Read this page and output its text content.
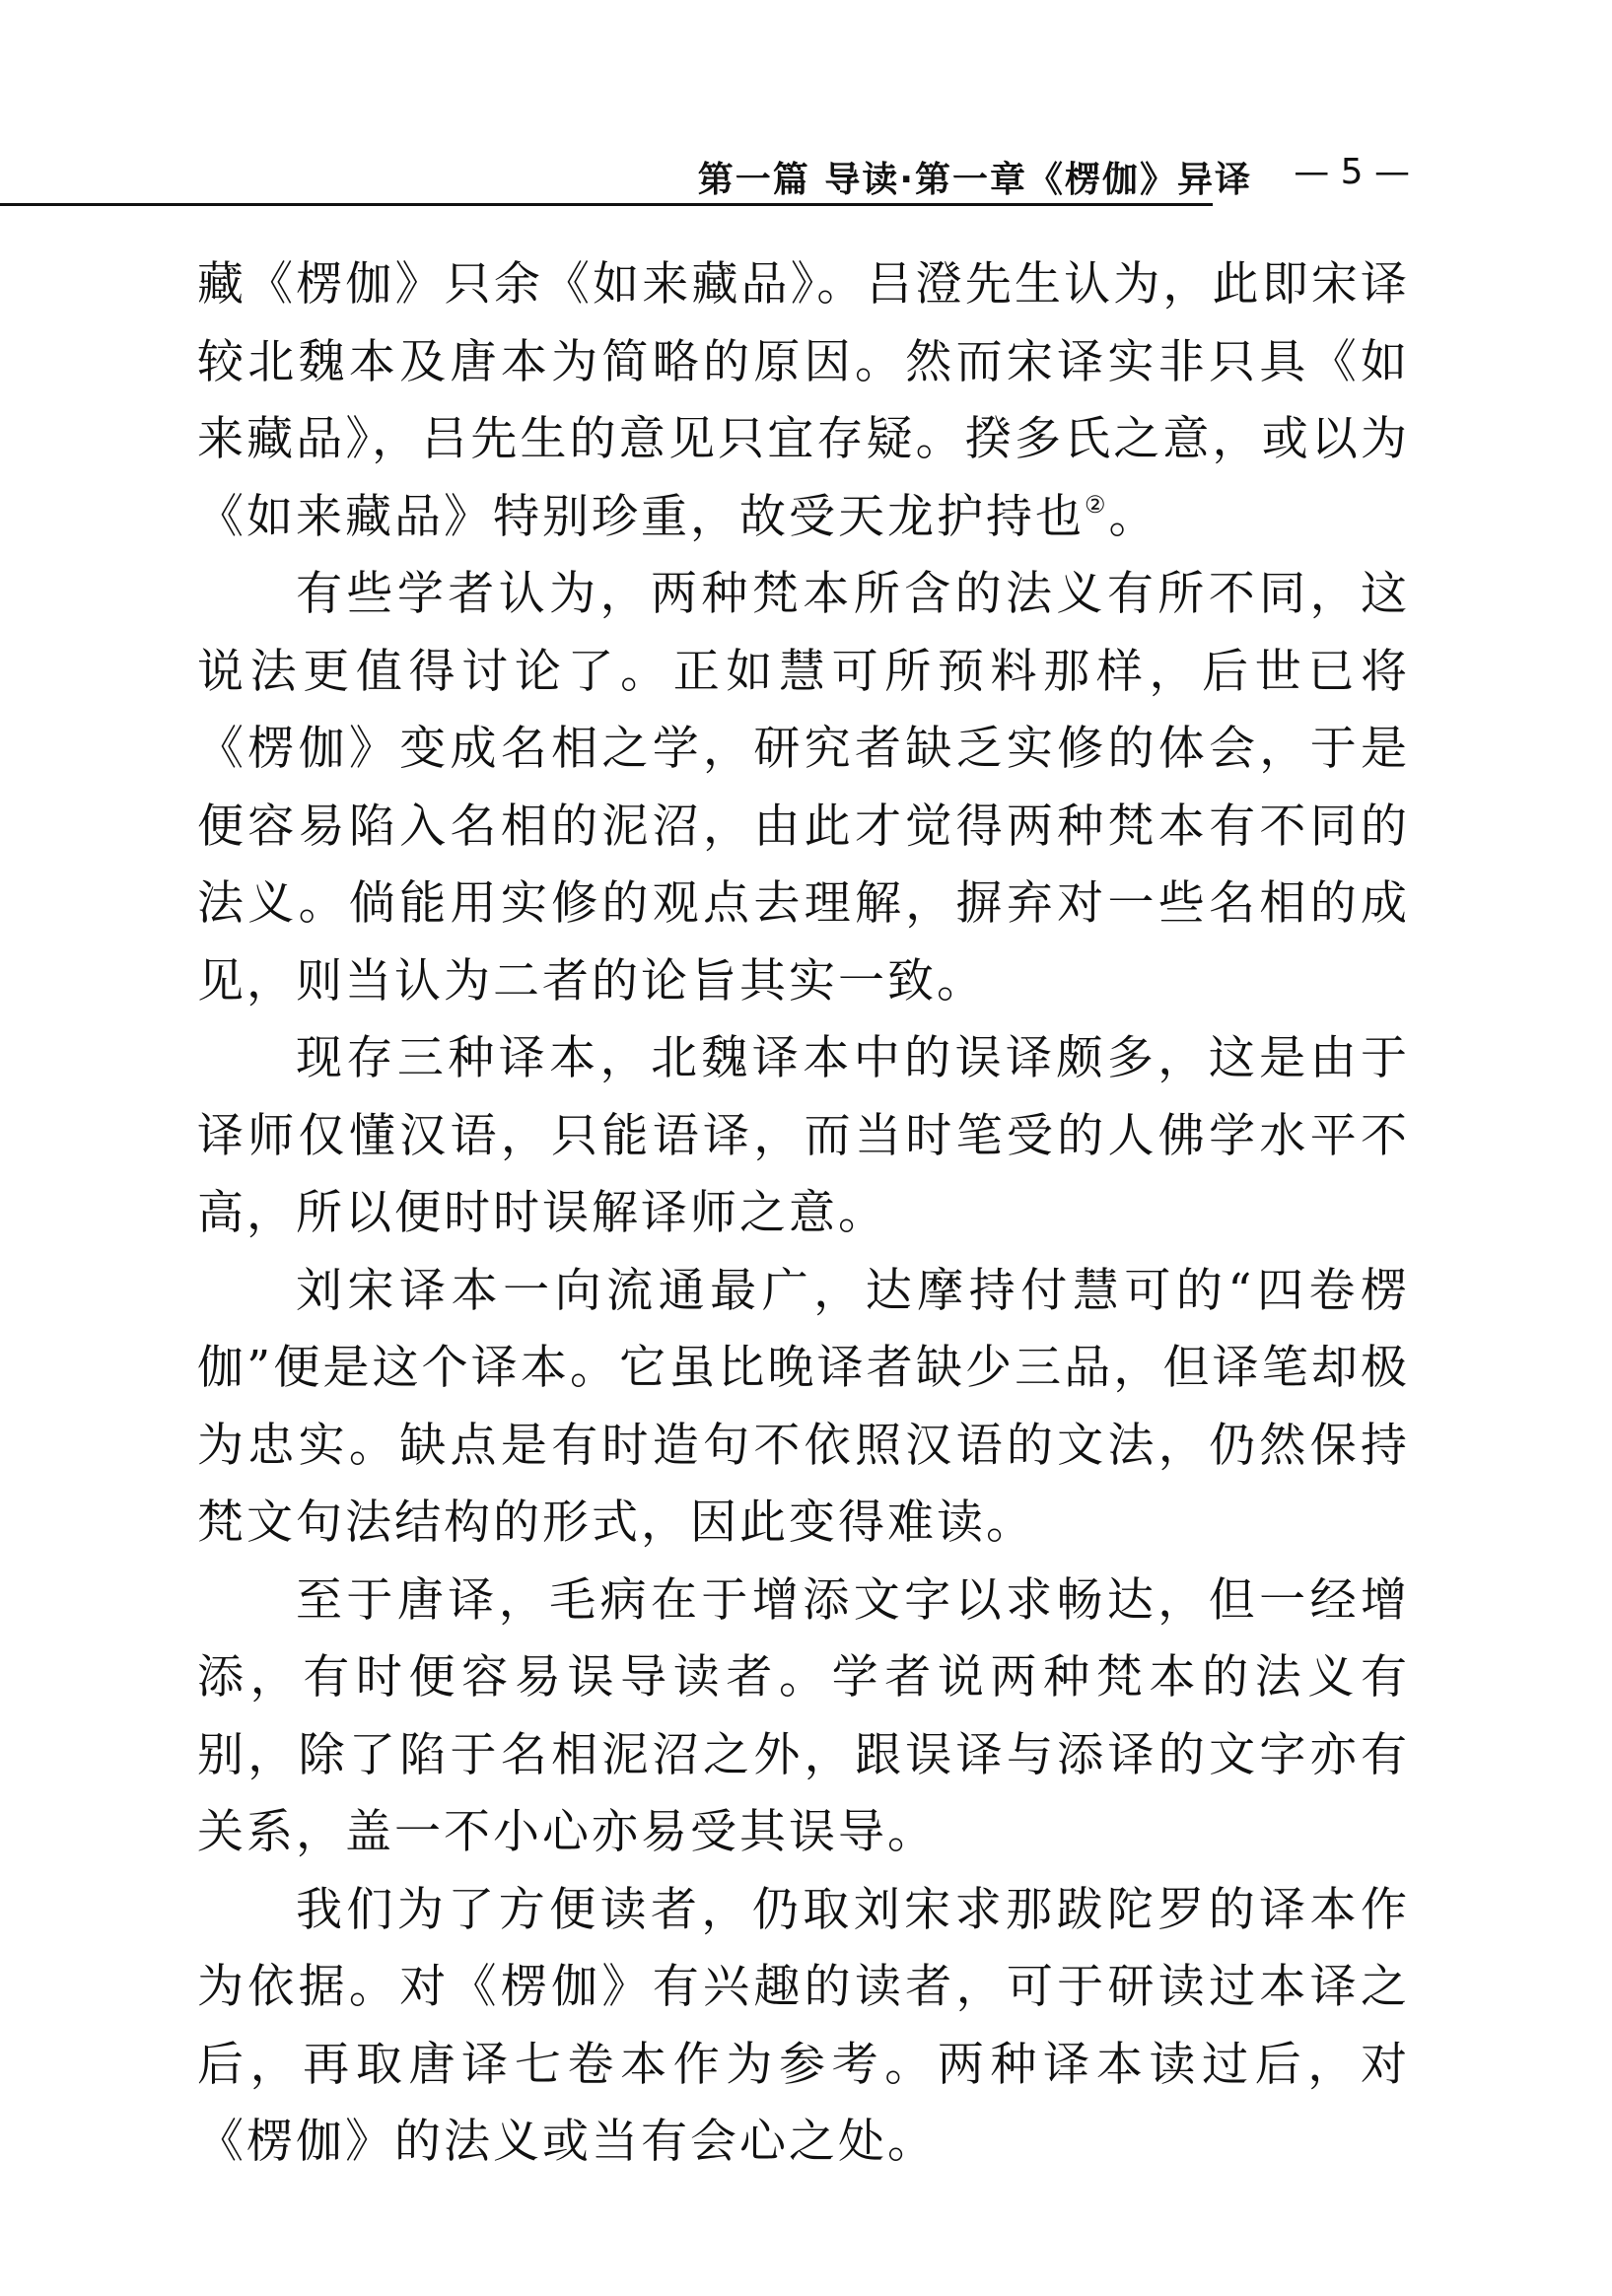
第一篇 导读·第一章《楞伽》异译	— 5 —

藏《楞伽》只余《如来藏品》。吕澄先生认为，此即宋译较北魏本及唐本为简略的原因。然而宋译实非只具《如来藏品》，吕先生的意见只宜存疑。揆多氏之意，或以为《如来藏品》特别珍重，故受天龙护持也②。

有些学者认为，两种梵本所含的法义有所不同，这说法更值得讨论了。正如慧可所预料那样，后世已将《楞伽》变成名相之学，研究者缺乏实修的体会，于是便容易陷入名相的泥沼，由此才觉得两种梵本有不同的法义。倘能用实修的观点去理解，摒弃对一些名相的成见，则当认为二者的论旨其实一致。

现存三种译本，北魏译本中的误译颇多，这是由于译师仅懂汉语，只能语译，而当时笔受的人佛学水平不高，所以便时时误解译师之意。

刘宋译本一向流通最广，达摩持付慧可的“四卷楞伽”便是这个译本。它虽比晚译者缺少三品，但译笔却极为忠实。缺点是有时造句不依照汉语的文法，仍然保持梵文句法结构的形式，因此变得难读。

至于唐译，毛病在于增添文字以求畅达，但一经增添，有时便容易误导读者。学者说两种梵本的法义有别，除了陷于名相泥沼之外，跟误译与添译的文字亦有关系，盖一不小心亦易受其误导。

我们为了方便读者，仍取刘宋求那跋陀罗的译本作为依据。对《楞伽》有兴趣的读者，可于研读过本译之后，再取唐译七卷本作为参考。两种译本读过后，对《楞伽》的法义或当有会心之处。
